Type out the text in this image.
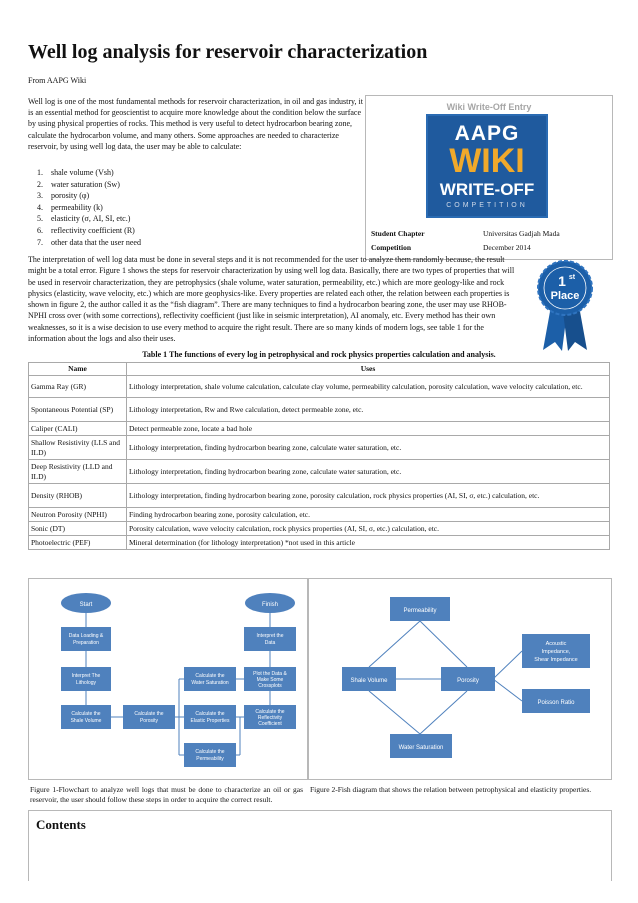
Well log analysis for reservoir characterization
From AAPG Wiki

Well log is one of the most fundamental methods for reservoir characterization, in oil and gas industry, it is an essential method for geoscientist to acquire more knowledge about the condition below the surface by using physical properties of rocks. This method is very useful to detect hydrocarbon bearing zone, calculate the hydrocarbon volume, and many others. Some approaches are needed to characterize reservoir, by using well log data, the user may be able to calculate:

1.	shale volume (Vsh)
2.	water saturation (Sw)
3.	porosity (φ)
4.	permeability (k)
5.	elasticity (σ, AI, SI, etc.)
6.	reflectivity coefficient (R)
7.	other data that the user need
Wiki Write-Off Entry
AAPG
WIKI
WRITE-OFF
COMPETITION
Student Chapter	Universitas Gadjah Mada
Competition	December 2014
1 st
Place

The interpretation of well log data must be done in several steps and it is not recommended for the user to analyze them randomly because, the result might be a total error. Figure 1 shows the steps for reservoir characterization by using well log data. Basically, there are two types of properties that will be used in reservoir characterization, they are petrophysics (shale volume, water saturation, permeability, etc.) which are more geology-like and rock physics (elasticity, wave velocity, etc.) which are more geophysics-like. Every properties are related each other, the relation between each properties is shown in figure 2, the author called it as the “fish diagram”. There are many techniques to find a hydrocarbon bearing zone, the user may use RHOB-NPHI cross over (with some corrections), reflectivity coefficient (just like in seismic interpretation), AI anomaly, etc. Every method has their own weaknesses, so it is a wise decision to use every method to acquire the right result. There are so many kinds of modern logs, see table 1 for the information about the logs and also their uses.

Table 1 The functions of every log in petrophysical and rock physics properties calculation and analysis.
Name	Uses
Gamma Ray (GR)	Lithology interpretation, shale volume calculation, calculate clay volume, permeability calculation, porosity calculation, wave velocity calculation, etc.
Spontaneous Potential (SP)	Lithology interpretation, Rw and Rwe calculation, detect permeable zone, etc.
Caliper (CALI)	Detect permeable zone, locate a bad hole
Shallow Resistivity (LLS and ILD)	Lithology interpretation, finding hydrocarbon bearing zone, calculate water saturation, etc.
Deep Resistivity (LLD and ILD)	Lithology interpretation, finding hydrocarbon bearing zone, calculate water saturation, etc.
Density (RHOB)	Lithology interpretation, finding hydrocarbon bearing zone, porosity calculation, rock physics properties (AI, SI, σ, etc.) calculation, etc.
Neutron Porosity (NPHI)	Finding hydrocarbon bearing zone, porosity calculation, etc.
Sonic (DT)	Porosity calculation, wave velocity calculation, rock physics properties (AI, SI, σ, etc.) calculation, etc.
Photoelectric (PEF)	Mineral determination (for lithology interpretation) *not used in this article
Start	Finish
Data Loading &
Preparation
Interpret The
Lithology
Calculate the
Shale Volume
Calculate the
Porosity
Calculate the
Water Saturation
Calculate the
Elastic Properties
Calculate the
Permeability
Interpret the
Data
Plot the Data &
Make Some
Crossplots
Calculate the
Reflectivity
Coefficient
Figure 1-Flowchart to analyze well logs that must be done to characterize an oil or gas reservoir, the user should follow these steps in order to acquire the correct result.
Permeability
Shale Volume	Porosity
Acoustic
Impedance,
Shear Impedance
Poisson Ratio
Water Saturation
Figure 2-Fish diagram that shows the relation between petrophysical and elasticity properties.
Contents
